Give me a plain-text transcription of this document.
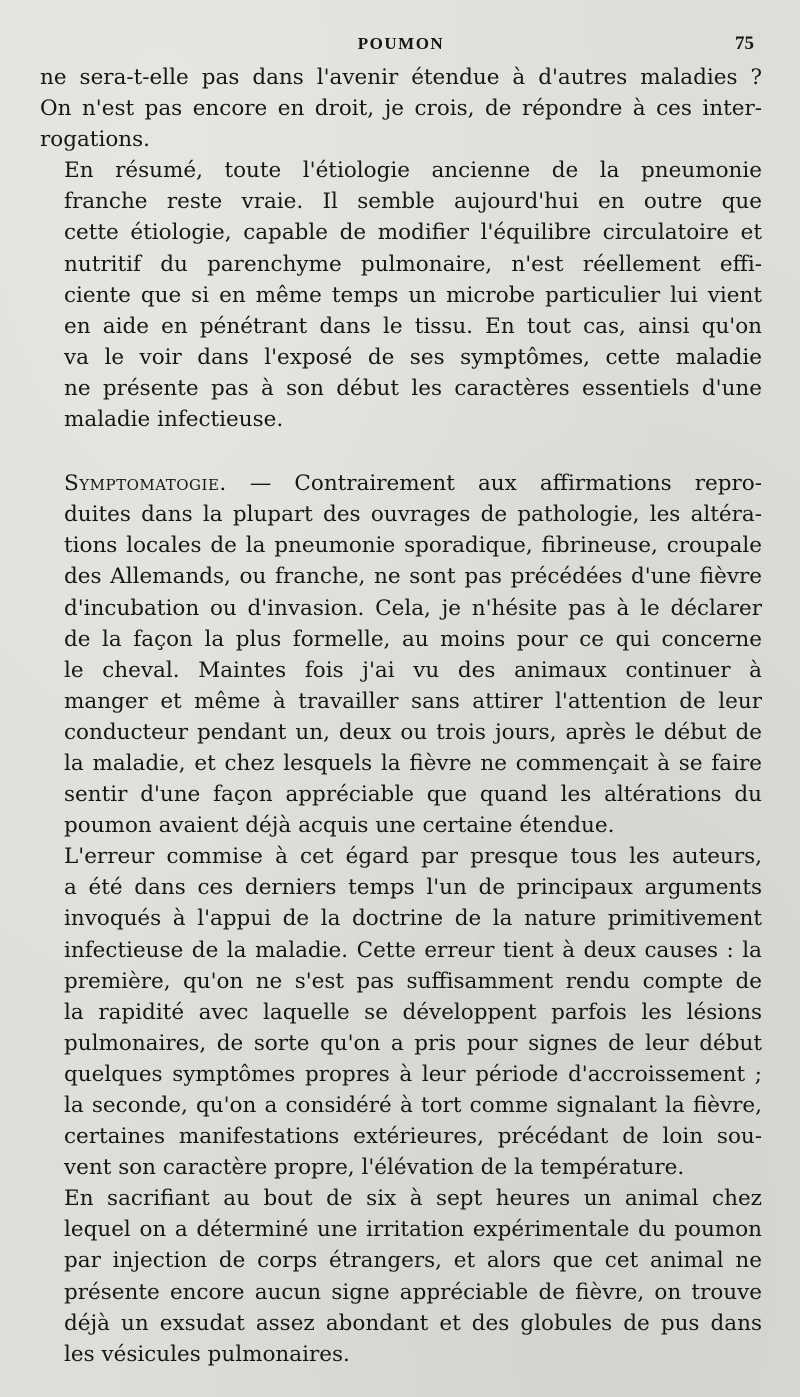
POUMON	75

ne sera-t-elle pas dans l'avenir étendue à d'autres maladies ?
On n'est pas encore en droit, je crois, de répondre à ces inter-
rogations.

En résumé, toute l'étiologie ancienne de la pneumonie
franche reste vraie. Il semble aujourd'hui en outre que
cette étiologie, capable de modifier l'équilibre circulatoire et
nutritif du parenchyme pulmonaire, n'est réellement effi-
ciente que si en même temps un microbe particulier lui vient
en aide en pénétrant dans le tissu. En tout cas, ainsi qu'on
va le voir dans l'exposé de ses symptômes, cette maladie
ne présente pas à son début les caractères essentiels d'une
maladie infectieuse.

Symptomatogie. — Contrairement aux affirmations repro-
duites dans la plupart des ouvrages de pathologie, les altéra-
tions locales de la pneumonie sporadique, fibrineuse, croupale
des Allemands, ou franche, ne sont pas précédées d'une fièvre
d'incubation ou d'invasion. Cela, je n'hésite pas à le déclarer
de la façon la plus formelle, au moins pour ce qui concerne
le cheval. Maintes fois j'ai vu des animaux continuer à
manger et même à travailler sans attirer l'attention de leur
conducteur pendant un, deux ou trois jours, après le début de
la maladie, et chez lesquels la fièvre ne commençait à se faire
sentir d'une façon appréciable que quand les altérations du
poumon avaient déjà acquis une certaine étendue.

L'erreur commise à cet égard par presque tous les auteurs,
a été dans ces derniers temps l'un de principaux arguments
invoqués à l'appui de la doctrine de la nature primitivement
infectieuse de la maladie. Cette erreur tient à deux causes : la
première, qu'on ne s'est pas suffisamment rendu compte de
la rapidité avec laquelle se développent parfois les lésions
pulmonaires, de sorte qu'on a pris pour signes de leur début
quelques symptômes propres à leur période d'accroissement ;
la seconde, qu'on a considéré à tort comme signalant la fièvre,
certaines manifestations extérieures, précédant de loin sou-
vent son caractère propre, l'élévation de la température.

En sacrifiant au bout de six à sept heures un animal chez
lequel on a déterminé une irritation expérimentale du poumon
par injection de corps étrangers, et alors que cet animal ne
présente encore aucun signe appréciable de fièvre, on trouve
déjà un exsudat assez abondant et des globules de pus dans
les vésicules pulmonaires.
